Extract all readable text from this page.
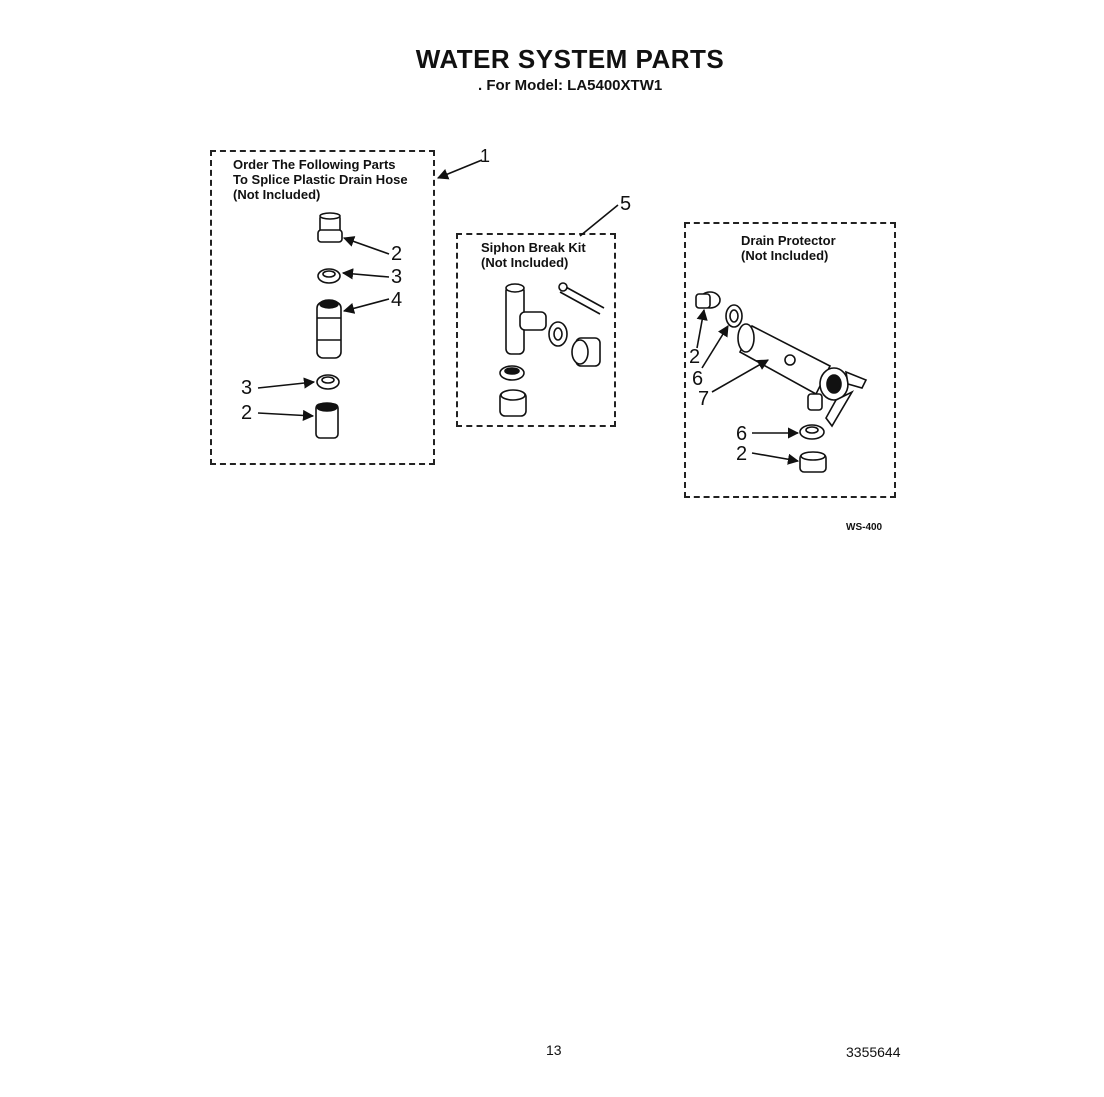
WATER SYSTEM PARTS
. For Model: LA5400XTW1
Order The Following Parts
To Splice Plastic Drain Hose
(Not Included)
Siphon Break Kit
(Not Included)
Drain Protector
(Not Included)
1
5
2
3
4
3
2
2
6
7
6
2
WS-400
13	3355644
